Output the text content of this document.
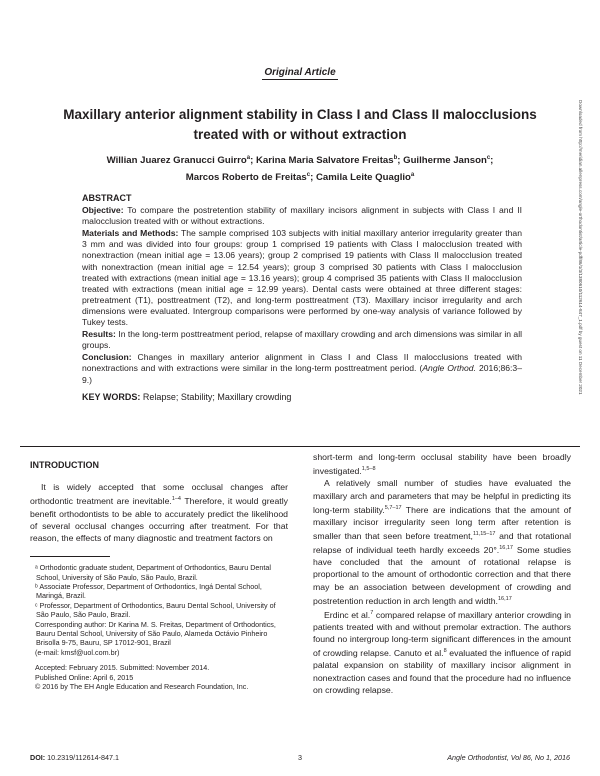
Original Article
Maxillary anterior alignment stability in Class I and Class II malocclusions treated with or without extraction
Willian Juarez Granucci Guirro$^a$; Karina Maria Salvatore Freitas$^b$; Guilherme Janson$^c$;
Marcos Roberto de Freitas$^c$; Camila Leite Quaglio$^a$
ABSTRACT

Objective: To compare the postretention stability of maxillary incisors alignment in subjects with Class I and II malocclusion treated with or without extractions.

Materials and Methods: The sample comprised 103 subjects with initial maxillary anterior irregularity greater than 3 mm and was divided into four groups: group 1 comprised 19 patients with Class I malocclusion treated with nonextraction (mean initial age = 13.06 years); group 2 comprised 19 patients with Class II malocclusion treated with nonextraction (mean initial age = 12.54 years); group 3 comprised 30 patients with Class I malocclusion treated with extractions (mean initial age = 13.16 years); group 4 comprised 35 patients with Class II malocclusion treated with extractions (mean initial age = 12.99 years). Dental casts were obtained at three different stages: pretreatment (T1), posttreatment (T2), and long-term posttreatment (T3). Maxillary incisor irregularity and arch dimensions were evaluated. Intergroup comparisons were performed by one-way analysis of variance followed by Tukey tests.

Results: In the long-term posttreatment period, relapse of maxillary crowding and arch dimensions was similar in all groups.

Conclusion: Changes in maxillary anterior alignment in Class I and Class II malocclusions treated with nonextractions and with extractions were similar in the long-term posttreatment period. (Angle Orthod. 2016;86:3–9.)

KEY WORDS: Relapse; Stability; Maxillary crowding
Downloaded from http://meridian.allenpress.com/angle-orthodontist/article-pdf/86/1/3/1380610/112614-847_1.pdf by guest on 11 December 2021
INTRODUCTION

It is widely accepted that some occlusal changes after orthodontic treatment are inevitable.$^{1-4}$ Therefore, it would greatly benefit orthodontists to be able to accurately predict the likelihood of several occlusal changes occurring after treatment. For that reason, the effects of many diagnostic and treatment factors on

ᵃ Orthodontic graduate student, Department of Orthodontics, Bauru Dental School, University of São Paulo, São Paulo, Brazil.

ᵇ Associate Professor, Department of Orthodontics, Ingá Dental School, Maringá, Brazil.

ᶜ Professor, Department of Orthodontics, Bauru Dental School, University of São Paulo, São Paulo, Brazil.

Corresponding author: Dr Karina M. S. Freitas, Department of Orthodontics, Bauru Dental School, University of São Paulo, Alameda Octávio Pinheiro Brisolla 9-75, Bauru, SP 17012-901, Brazil

(e-mail: kmsf@uol.com.br)

Accepted: February 2015. Submitted: November 2014.

Published Online: April 6, 2015

© 2016 by The EH Angle Education and Research Foundation, Inc.

short-term and long-term occlusal stability have been broadly investigated.$^{1,5-8}$

A relatively small number of studies have evaluated the maxillary arch and parameters that may be helpful in predicting its long-term stability.$^{5,7-17}$ There are indications that the amount of maxillary incisor irregularity seen long term after retention is smaller than that seen before treatment,$^{11,15-17}$ and that rotational relapse of individual teeth hardly exceeds 20°.$^{16,17}$ Some studies have concluded that the amount of rotational relapse is proportional to the amount of orthodontic correction and that there may be an association between development of crowding and postretention reduction in arch length and width.$^{16,17}$

Erdinc et al.$^7$ compared relapse of maxillary anterior crowding in patients treated with and without premolar extraction. The authors found no intergroup long-term significant differences in the amount of crowding relapse. Canuto et al.$^8$ evaluated the influence of rapid palatal expansion on stability of maxillary incisor alignment in nonextraction cases and found that the procedure had no influence on crowding relapse.

DOI: 10.2319/112614-847.1	3	Angle Orthodontist, Vol 86, No 1, 2016
